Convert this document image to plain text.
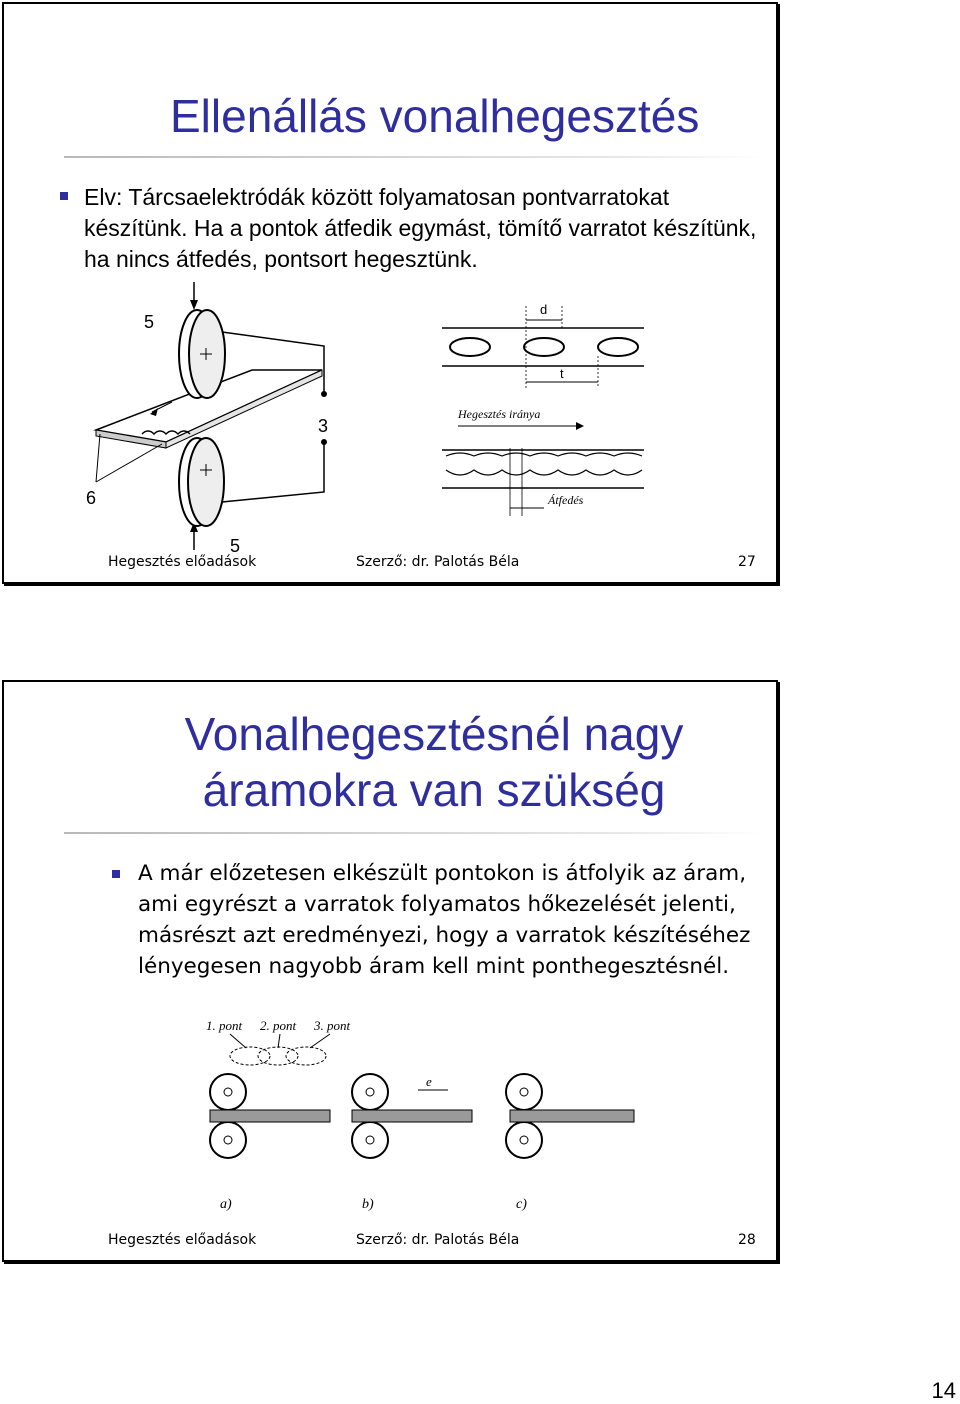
Ellenállás vonalhegesztés

Elv: Tárcsaelektródák között folyamatosan pontvarratokat készítünk. Ha a pontok átfedik egymást, tömítő varratot készítünk, ha nincs átfedés, pontsort hegesztünk.

5
3
6
5
d
t
Hegesztés iránya
Átfedés
Hegesztés előadások	Szerző: dr. Palotás Béla	27
Vonalhegesztésnél nagy
áramokra van szükség

A már előzetesen elkészült pontokon is átfolyik az áram, ami egyrészt a varratok folyamatos hőkezelését jelenti, másrészt azt eredményezi, hogy a varratok készítéséhez lényegesen nagyobb áram kell mint ponthegesztésnél.

1. pont 2. pont 3. pont
e
a)	b)	c)
Hegesztés előadások	Szerző: dr. Palotás Béla	28
14
